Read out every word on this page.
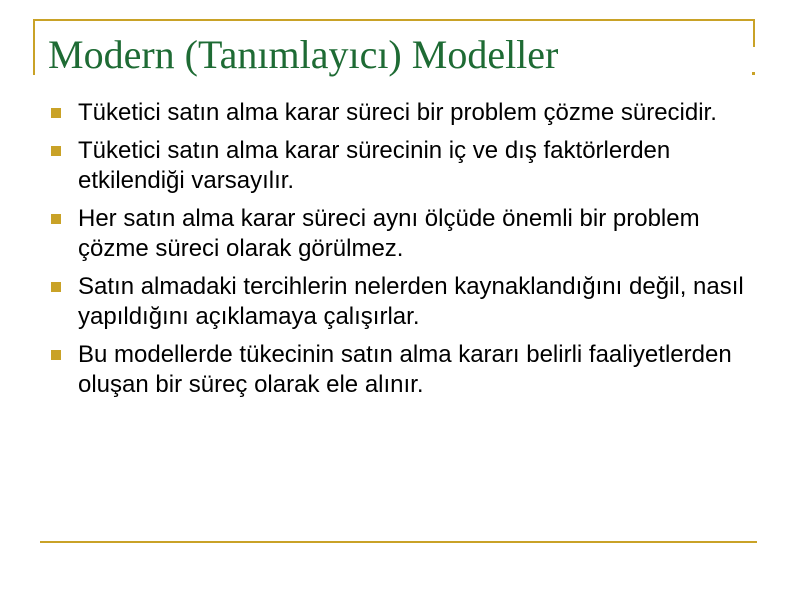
Modern (Tanımlayıcı) Modeller
Tüketici satın alma karar süreci bir problem çözme sürecidir.
Tüketici satın alma karar sürecinin iç ve dış faktörlerden etkilendiği varsayılır.
Her satın alma karar süreci aynı ölçüde önemli bir problem çözme süreci olarak görülmez.
Satın almadaki tercihlerin nelerden kaynaklandığını değil, nasıl yapıldığını açıklamaya çalışırlar.
Bu modellerde tükecinin satın alma kararı belirli faaliyetlerden oluşan bir süreç olarak ele alınır.
